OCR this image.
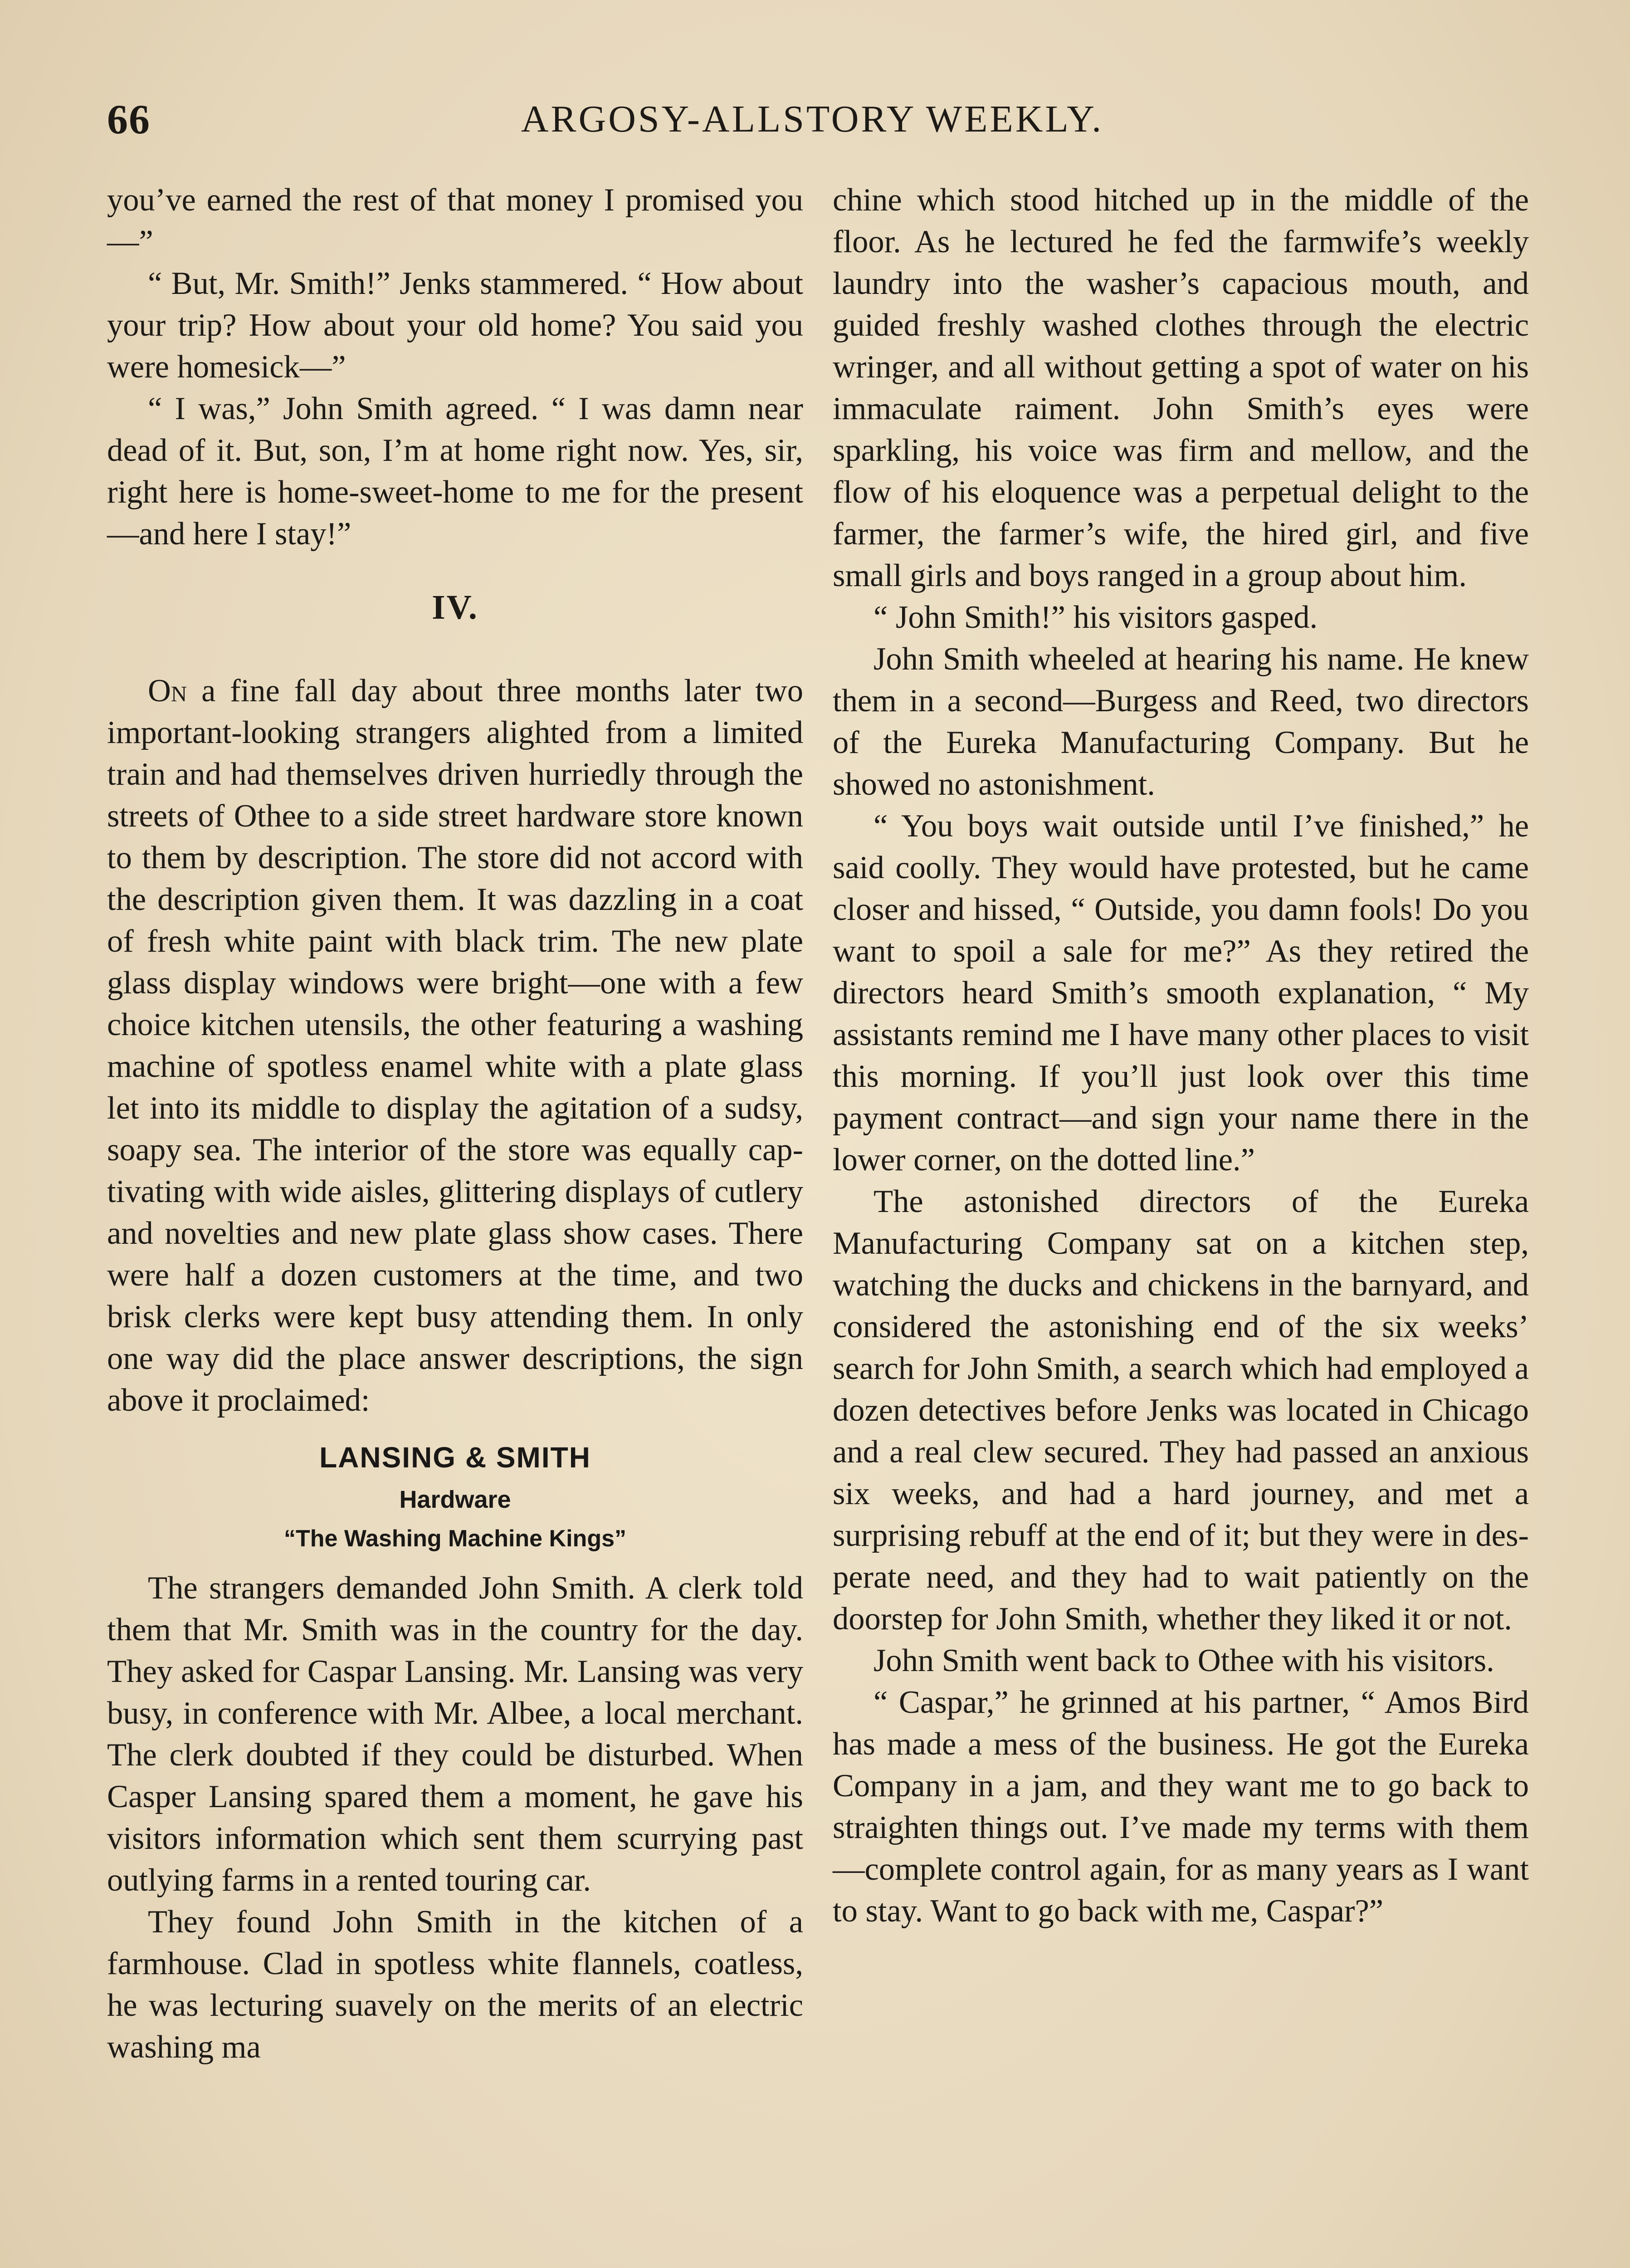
66	ARGOSY-ALLSTORY WEEKLY.

you’ve earned the rest of that money I promised you—”

“ But, Mr. Smith!” Jenks stammered. “ How about your trip? How about your old home? You said you were homesick—”

“ I was,” John Smith agreed. “ I was damn near dead of it. But, son, I’m at home right now. Yes, sir, right here is home-sweet-home to me for the present—and here I stay!”

IV.

On a fine fall day about three months later two important-looking strangers alighted from a limited train and had themselves driven hurriedly through the streets of Othee to a side street hardware store known to them by description. The store did not accord with the description given them. It was dazzling in a coat of fresh white paint with black trim. The new plate glass display windows were bright—one with a few choice kitchen utensils, the other featuring a washing machine of spotless enamel white with a plate glass let into its middle to display the agitation of a sudsy, soapy sea. The interior of the store was equally captivating with wide aisles, glittering displays of cutlery and novelties and new plate glass show cases. There were half a dozen customers at the time, and two brisk clerks were kept busy attending them. In only one way did the place answer descriptions, the sign above it proclaimed:

LANSING & SMITH
Hardware
“The Washing Machine Kings”

The strangers demanded John Smith. A clerk told them that Mr. Smith was in the country for the day. They asked for Caspar Lansing. Mr. Lansing was very busy, in conference with Mr. Albee, a local merchant. The clerk doubted if they could be disturbed. When Casper Lansing spared them a moment, he gave his visitors information which sent them scurrying past outlying farms in a rented touring car.

They found John Smith in the kitchen of a farmhouse. Clad in spotless white flannels, coatless, he was lecturing suavely on the merits of an electric washing ma

chine which stood hitched up in the middle of the floor. As he lectured he fed the farmwife’s weekly laundry into the washer’s capacious mouth, and guided freshly washed clothes through the electric wringer, and all without getting a spot of water on his immaculate raiment. John Smith’s eyes were sparkling, his voice was firm and mellow, and the flow of his eloquence was a perpetual delight to the farmer, the farmer’s wife, the hired girl, and five small girls and boys ranged in a group about him.

“ John Smith!” his visitors gasped.

John Smith wheeled at hearing his name. He knew them in a second—Burgess and Reed, two directors of the Eureka Manufacturing Company. But he showed no astonishment.

“ You boys wait outside until I’ve finished,” he said coolly. They would have protested, but he came closer and hissed, “ Outside, you damn fools! Do you want to spoil a sale for me?” As they retired the directors heard Smith’s smooth explanation, “ My assistants remind me I have many other places to visit this morning. If you’ll just look over this time payment contract—and sign your name there in the lower corner, on the dotted line.”

The astonished directors of the Eureka Manufacturing Company sat on a kitchen step, watching the ducks and chickens in the barnyard, and considered the astonishing end of the six weeks’ search for John Smith, a search which had employed a dozen detectives before Jenks was located in Chicago and a real clew secured. They had passed an anxious six weeks, and had a hard journey, and met a surprising rebuff at the end of it; but they were in desperate need, and they had to wait patiently on the doorstep for John Smith, whether they liked it or not.

John Smith went back to Othee with his visitors.

“ Caspar,” he grinned at his partner, “ Amos Bird has made a mess of the business. He got the Eureka Company in a jam, and they want me to go back to straighten things out. I’ve made my terms with them—complete control again, for as many years as I want to stay. Want to go back with me, Caspar?”
